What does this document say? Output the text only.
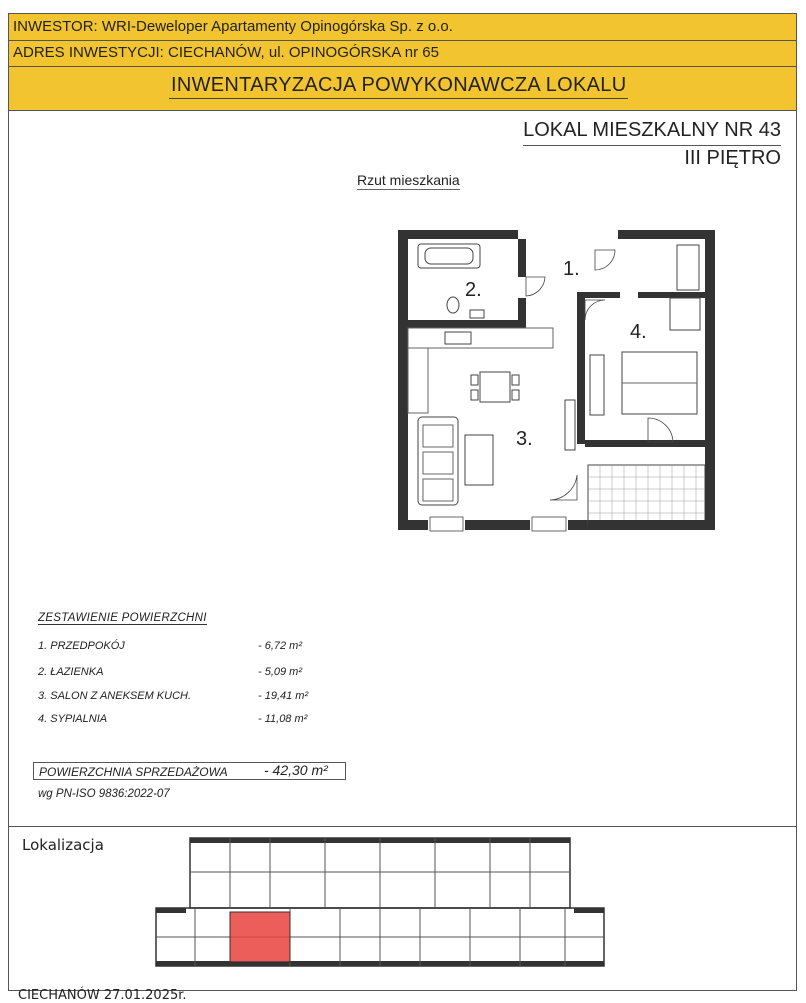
INWESTOR: WRI-Deweloper Apartamenty Opinogórska Sp. z o.o.
ADRES INWESTYCJI: CIECHANÓW, ul. OPINOGÓRSKA nr 65
INWENTARYZACJA POWYKONAWCZA LOKALU
LOKAL MIESZKALNY NR 43
III PIĘTRO
Rzut mieszkania
1.
2.
3.
4.
ZESTAWIENIE POWIERZCHNI
1. PRZEDPOKÓJ	- 6,72 m²
2. ŁAZIENKA	- 5,09 m²
3. SALON Z ANEKSEM KUCH.	- 19,41 m²
4. SYPIALNIA	- 11,08 m²
POWIERZCHNIA SPRZEDAŻOWA	- 42,30 m²
wg PN-ISO 9836:2022-07
Lokalizacja
CIECHANÓW 27.01.2025r.
